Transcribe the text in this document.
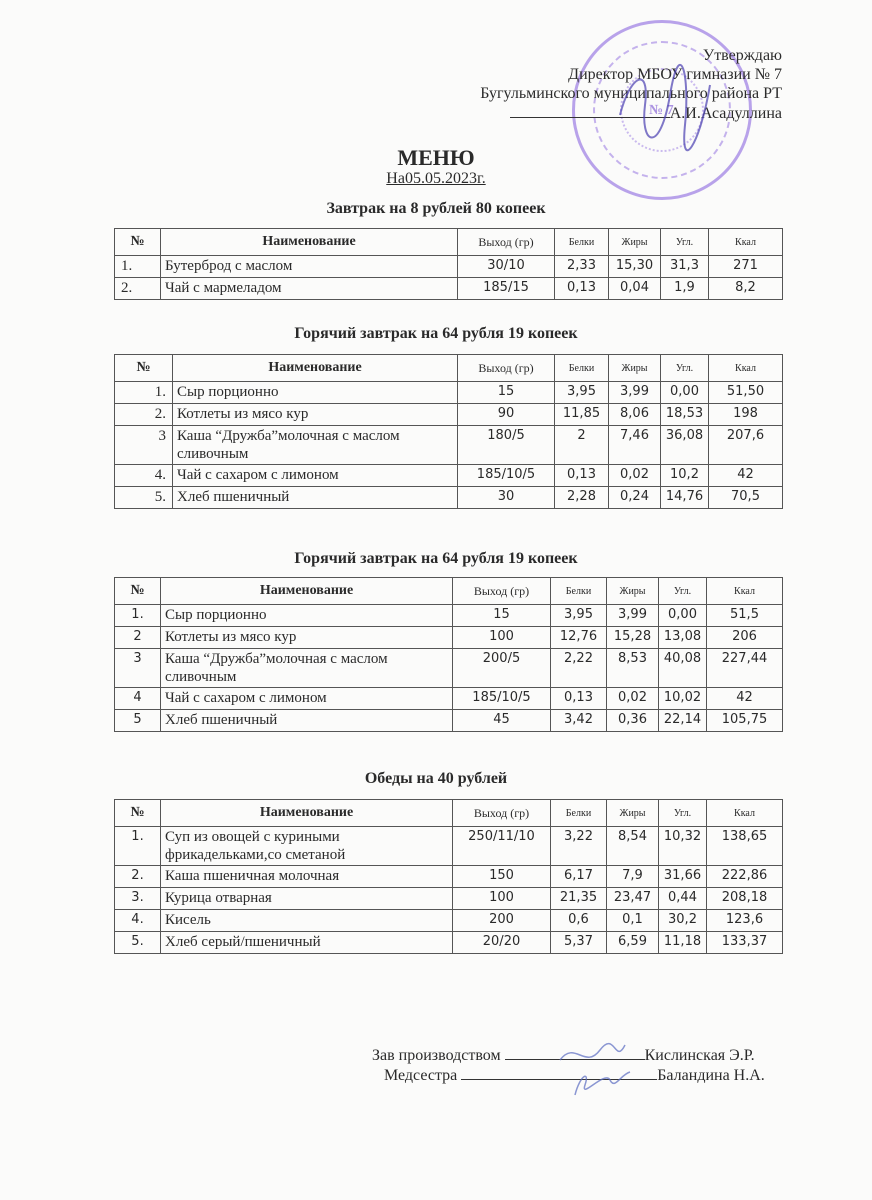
№ 7
Утверждаю
Директор МБОУ гимназии № 7
Бугульминского муниципального района РТ
А.И.Асадуллина
МЕНЮ
На05.05.2023г.
Завтрак на 8 рублей 80 копеек
№	Наименование	Выход (гр)	Белки	Жиры	Угл.	Ккал
1.	Бутерброд с маслом	30/10	2,33	15,30	31,3	271
2.	Чай с мармеладом	185/15	0,13	0,04	1,9	8,2
Горячий завтрак на 64 рубля 19 копеек
№	Наименование	Выход (гр)	Белки	Жиры	Угл.	Ккал
1.	Сыр порционно	15	3,95	3,99	0,00	51,50
2.	Котлеты из мясо кур	90	11,85	8,06	18,53	198
3	Каша “Дружба”молочная с маслом сливочным	180/5	2	7,46	36,08	207,6
4.	Чай с сахаром с лимоном	185/10/5	0,13	0,02	10,2	42
5.	Хлеб пшеничный	30	2,28	0,24	14,76	70,5
Горячий завтрак на 64 рубля 19 копеек
№	Наименование	Выход (гр)	Белки	Жиры	Угл.	Ккал
1.	Сыр порционно	15	3,95	3,99	0,00	51,5
2	Котлеты из мясо кур	100	12,76	15,28	13,08	206
3	Каша “Дружба”молочная с маслом сливочным	200/5	2,22	8,53	40,08	227,44
4	Чай с сахаром с лимоном	185/10/5	0,13	0,02	10,02	42
5	Хлеб пшеничный	45	3,42	0,36	22,14	105,75
Обеды на 40 рублей
№	Наименование	Выход (гр)	Белки	Жиры	Угл.	Ккал
1.	Суп из овощей с куриными фрикадельками,со сметаной	250/11/10	3,22	8,54	10,32	138,65
2.	Каша пшеничная молочная	150	6,17	7,9	31,66	222,86
3.	Курица отварная	100	21,35	23,47	0,44	208,18
4.	Кисель	200	0,6	0,1	30,2	123,6
5.	Хлеб серый/пшеничный	20/20	5,37	6,59	11,18	133,37
Зав производством	Кислинская Э.Р.
Медсестра	Баландина Н.А.
